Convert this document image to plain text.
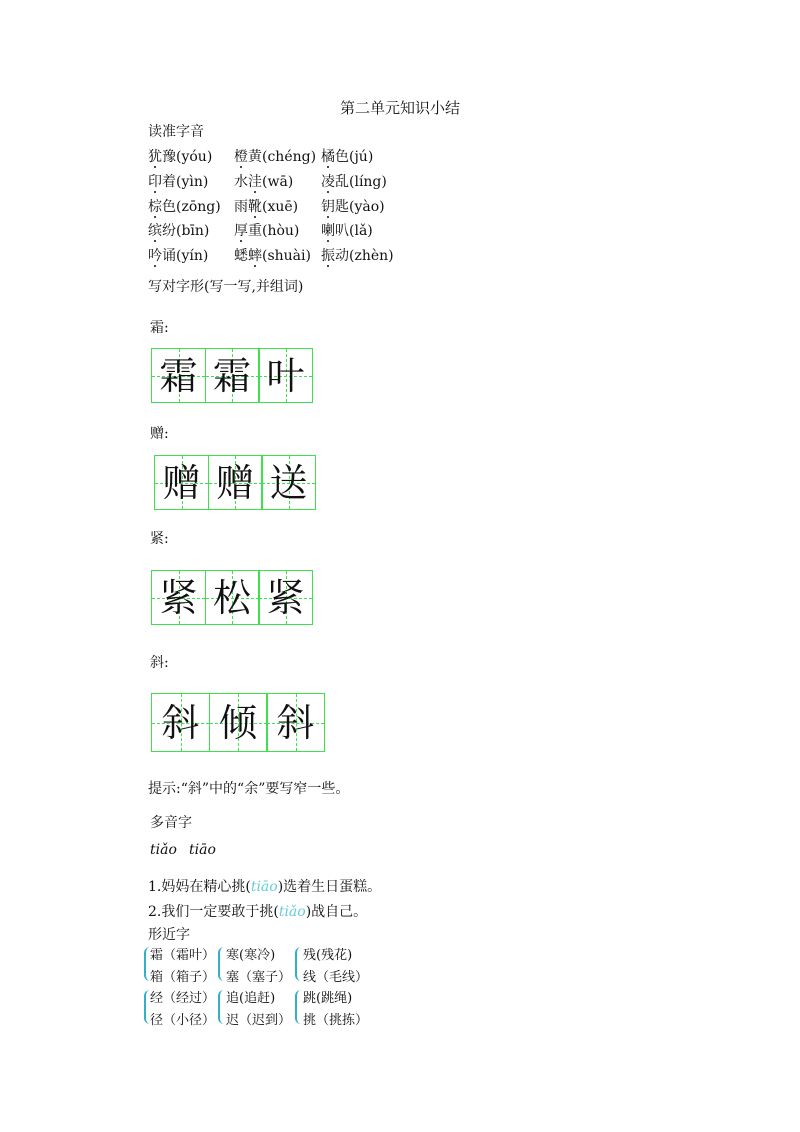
第二单元知识小结
读准字音
犹豫(yóu) 橙黄(chéng) 橘色(jú)
印着(yìn) 水洼(wā) 凌乱(líng)
棕色(zōng) 雨靴(xuē) 钥匙(yào)
缤纷(bīn) 厚重(hòu) 喇叭(lǎ)
吟诵(yín) 蟋蟀(shuài) 振动(zhèn)
写对字形(写一写,并组词)
霜:
霜 霜 叶
赠:
赠 赠 送
紧:
紧 松 紧
斜:
斜 倾 斜
提示:“斜”中的“余”要写窄一些。
多音字
tiǎo tiāo
1.妈妈在精心挑(tiāo)选着生日蛋糕。
2.我们一定要敢于挑(tiǎo)战自己。
形近字
霜（霜叶）
箱（箱子）
寒(寒冷)
塞（塞子）
残(残花)
线（毛线）
经（经过）
径（小径）
追(追赶)
迟（迟到）
跳(跳绳)
挑（挑拣）
